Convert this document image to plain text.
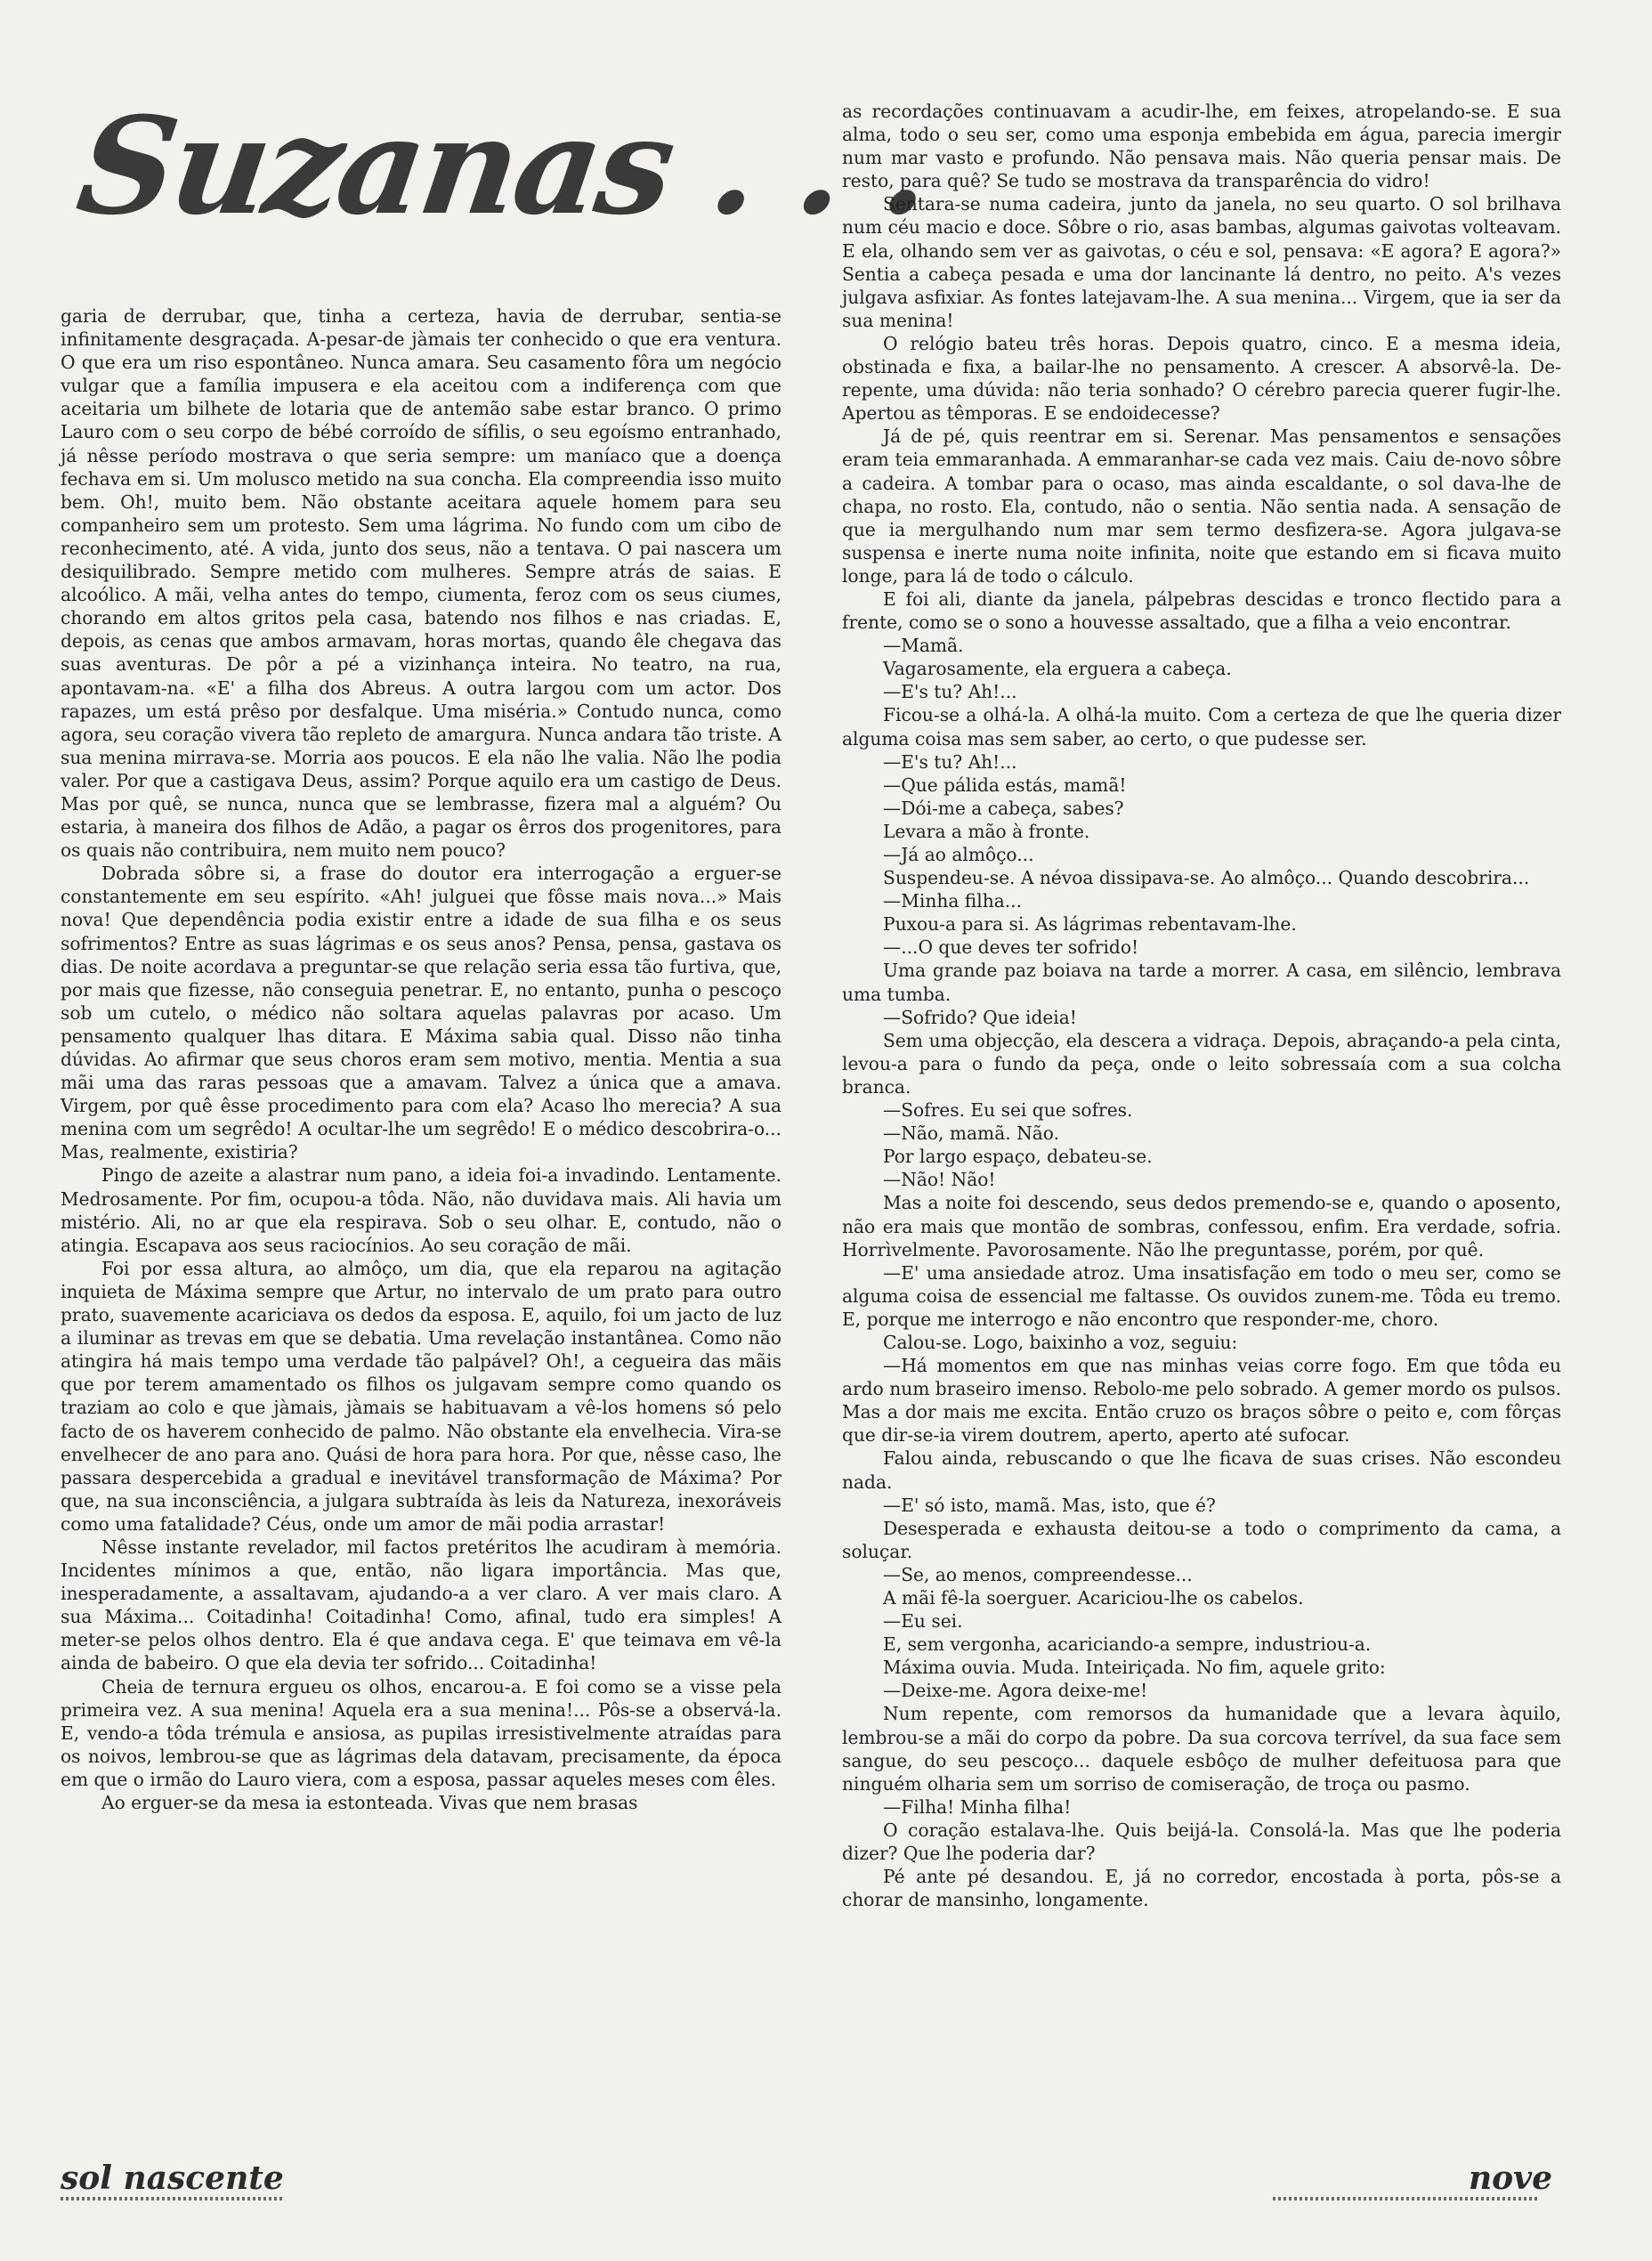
Suzanas . . .

garia de derrubar, que, tinha a certeza, havia de derrubar, sentia-se infinitamente desgraçada. A-pesar-de jàmais ter conhecido o que era ventura. O que era um riso espontâneo. Nunca amara. Seu casamento fôra um negócio vulgar que a família impusera e ela aceitou com a indiferença com que aceitaria um bilhete de lotaria que de antemão sabe estar branco. O primo Lauro com o seu corpo de bébé corroído de sífilis, o seu egoísmo entranhado, já nêsse período mostrava o que seria sempre: um maníaco que a doença fechava em si. Um molusco metido na sua concha. Ela compreendia isso muito bem. Oh!, muito bem. Não obstante aceitara aquele homem para seu companheiro sem um protesto. Sem uma lágrima. No fundo com um cibo de reconhecimento, até. A vida, junto dos seus, não a tentava. O pai nascera um desiquilibrado. Sempre metido com mulheres. Sempre atrás de saias. E alcoólico. A mãi, velha antes do tempo, ciumenta, feroz com os seus ciumes, chorando em altos gritos pela casa, batendo nos filhos e nas criadas. E, depois, as cenas que ambos armavam, horas mortas, quando êle chegava das suas aventuras. De pôr a pé a vizinhança inteira. No teatro, na rua, apontavam-na. «E' a filha dos Abreus. A outra largou com um actor. Dos rapazes, um está prêso por desfalque. Uma miséria.» Contudo nunca, como agora, seu coração vivera tão repleto de amargura. Nunca andara tão triste. A sua menina mirrava-se. Morria aos poucos. E ela não lhe valia. Não lhe podia valer. Por que a castigava Deus, assim? Porque aquilo era um castigo de Deus. Mas por quê, se nunca, nunca que se lembrasse, fizera mal a alguém? Ou estaria, à maneira dos filhos de Adão, a pagar os êrros dos progenitores, para os quais não contribuira, nem muito nem pouco?

Dobrada sôbre si, a frase do doutor era interrogação a erguer-se constantemente em seu espírito. «Ah! julguei que fôsse mais nova...» Mais nova! Que dependência podia existir entre a idade de sua filha e os seus sofrimentos? Entre as suas lágrimas e os seus anos? Pensa, pensa, gastava os dias. De noite acordava a preguntar-se que relação seria essa tão furtiva, que, por mais que fizesse, não conseguia penetrar. E, no entanto, punha o pescoço sob um cutelo, o médico não soltara aquelas palavras por acaso. Um pensamento qualquer lhas ditara. E Máxima sabia qual. Disso não tinha dúvidas. Ao afirmar que seus choros eram sem motivo, mentia. Mentia a sua mãi uma das raras pessoas que a amavam. Talvez a única que a amava. Virgem, por quê êsse procedimento para com ela? Acaso lho merecia? A sua menina com um segrêdo! A ocultar-lhe um segrêdo! E o médico descobrira-o... Mas, realmente, existiria?

Pingo de azeite a alastrar num pano, a ideia foi-a invadindo. Lentamente. Medrosamente. Por fim, ocupou-a tôda. Não, não duvidava mais. Ali havia um mistério. Ali, no ar que ela respirava. Sob o seu olhar. E, contudo, não o atingia. Escapava aos seus raciocínios. Ao seu coração de mãi.

Foi por essa altura, ao almôço, um dia, que ela reparou na agitação inquieta de Máxima sempre que Artur, no intervalo de um prato para outro prato, suavemente acariciava os dedos da esposa. E, aquilo, foi um jacto de luz a iluminar as trevas em que se debatia. Uma revelação instantânea. Como não atingira há mais tempo uma verdade tão palpável? Oh!, a cegueira das mãis que por terem amamentado os filhos os julgavam sempre como quando os traziam ao colo e que jàmais, jàmais se habituavam a vê-los homens só pelo facto de os haverem conhecido de palmo. Não obstante ela envelhecia. Vira-se envelhecer de ano para ano. Quási de hora para hora. Por que, nêsse caso, lhe passara despercebida a gradual e inevitável transformação de Máxima? Por que, na sua inconsciência, a julgara subtraída às leis da Natureza, inexoráveis como uma fatalidade? Céus, onde um amor de mãi podia arrastar!

Nêsse instante revelador, mil factos pretéritos lhe acudiram à memória. Incidentes mínimos a que, então, não ligara importância. Mas que, inesperadamente, a assaltavam, ajudando-a a ver claro. A ver mais claro. A sua Máxima... Coitadinha! Coitadinha! Como, afinal, tudo era simples! A meter-se pelos olhos dentro. Ela é que andava cega. E' que teimava em vê-la ainda de babeiro. O que ela devia ter sofrido... Coitadinha!

Cheia de ternura ergueu os olhos, encarou-a. E foi como se a visse pela primeira vez. A sua menina! Aquela era a sua menina!... Pôs-se a observá-la. E, vendo-a tôda trémula e ansiosa, as pupilas irresistivelmente atraídas para os noivos, lembrou-se que as lágrimas dela datavam, precisamente, da época em que o irmão do Lauro viera, com a esposa, passar aqueles meses com êles.

Ao erguer-se da mesa ia estonteada. Vivas que nem brasas

as recordações continuavam a acudir-lhe, em feixes, atropelando-se. E sua alma, todo o seu ser, como uma esponja embebida em água, parecia imergir num mar vasto e profundo. Não pensava mais. Não queria pensar mais. De resto, para quê? Se tudo se mostrava da transparência do vidro!

Sentara-se numa cadeira, junto da janela, no seu quarto. O sol brilhava num céu macio e doce. Sôbre o rio, asas bambas, algumas gaivotas volteavam. E ela, olhando sem ver as gaivotas, o céu e sol, pensava: «E agora? E agora?» Sentia a cabeça pesada e uma dor lancinante lá dentro, no peito. A's vezes julgava asfixiar. As fontes latejavam-lhe. A sua menina... Virgem, que ia ser da sua menina!

O relógio bateu três horas. Depois quatro, cinco. E a mesma ideia, obstinada e fixa, a bailar-lhe no pensamento. A crescer. A absorvê-la. De-repente, uma dúvida: não teria sonhado? O cérebro parecia querer fugir-lhe. Apertou as têmporas. E se endoidecesse?

Já de pé, quis reentrar em si. Serenar. Mas pensamentos e sensações eram teia emmaranhada. A emmaranhar-se cada vez mais. Caiu de-novo sôbre a cadeira. A tombar para o ocaso, mas ainda escaldante, o sol dava-lhe de chapa, no rosto. Ela, contudo, não o sentia. Não sentia nada. A sensação de que ia mergulhando num mar sem termo desfizera-se. Agora julgava-se suspensa e inerte numa noite infinita, noite que estando em si ficava muito longe, para lá de todo o cálculo.

E foi ali, diante da janela, pálpebras descidas e tronco flectido para a frente, como se o sono a houvesse assaltado, que a filha a veio encontrar.

—Mamã.

Vagarosamente, ela erguera a cabeça.

—E's tu? Ah!...

Ficou-se a olhá-la. A olhá-la muito. Com a certeza de que lhe queria dizer alguma coisa mas sem saber, ao certo, o que pudesse ser.

—E's tu? Ah!...

—Que pálida estás, mamã!

—Dói-me a cabeça, sabes?

Levara a mão à fronte.

—Já ao almôço...

Suspendeu-se. A névoa dissipava-se. Ao almôço... Quando descobrira...

—Minha filha...

Puxou-a para si. As lágrimas rebentavam-lhe.

—...O que deves ter sofrido!

Uma grande paz boiava na tarde a morrer. A casa, em silêncio, lembrava uma tumba.

—Sofrido? Que ideia!

Sem uma objecção, ela descera a vidraça. Depois, abraçando-a pela cinta, levou-a para o fundo da peça, onde o leito sobressaía com a sua colcha branca.

—Sofres. Eu sei que sofres.

—Não, mamã. Não.

Por largo espaço, debateu-se.

—Não! Não!

Mas a noite foi descendo, seus dedos premendo-se e, quando o aposento, não era mais que montão de sombras, confessou, enfim. Era verdade, sofria. Horrìvelmente. Pavorosamente. Não lhe preguntasse, porém, por quê.

—E' uma ansiedade atroz. Uma insatisfação em todo o meu ser, como se alguma coisa de essencial me faltasse. Os ouvidos zunem-me. Tôda eu tremo. E, porque me interrogo e não encontro que responder-me, choro.

Calou-se. Logo, baixinho a voz, seguiu:

—Há momentos em que nas minhas veias corre fogo. Em que tôda eu ardo num braseiro imenso. Rebolo-me pelo sobrado. A gemer mordo os pulsos. Mas a dor mais me excita. Então cruzo os braços sôbre o peito e, com fôrças que dir-se-ia virem doutrem, aperto, aperto até sufocar.

Falou ainda, rebuscando o que lhe ficava de suas crises. Não escondeu nada.

—E' só isto, mamã. Mas, isto, que é?

Desesperada e exhausta deitou-se a todo o comprimento da cama, a soluçar.

—Se, ao menos, compreendesse...

A mãi fê-la soerguer. Acariciou-lhe os cabelos.

—Eu sei.

E, sem vergonha, acariciando-a sempre, industriou-a.

Máxima ouvia. Muda. Inteiriçada. No fim, aquele grito:

—Deixe-me. Agora deixe-me!

Num repente, com remorsos da humanidade que a levara àquilo, lembrou-se a mãi do corpo da pobre. Da sua corcova terrível, da sua face sem sangue, do seu pescoço... daquele esbôço de mulher defeituosa para que ninguém olharia sem um sorriso de comiseração, de troça ou pasmo.

—Filha! Minha filha!

O coração estalava-lhe. Quis beijá-la. Consolá-la. Mas que lhe poderia dizer? Que lhe poderia dar?

Pé ante pé desandou. E, já no corredor, encostada à porta, pôs-se a chorar de mansinho, longamente.

sol nascente	nove
